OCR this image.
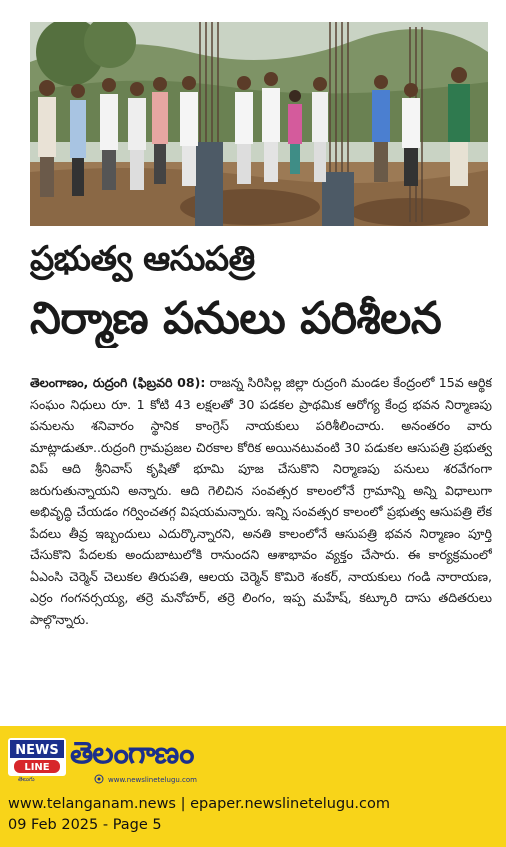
ప్రభుత్వ ఆసుపత్రి
నిర్మాణ పనులు పరిశీలన

తెలంగాణం, రుద్రంగి (ఫిబ్రవరి 08): రాజన్న సిరిసిల్ల జిల్లా రుద్రంగి మండల కేంద్రంలో 15వ ఆర్థిక సంఘం నిధులు రూ. 1 కోటి 43 లక్షలతో 30 పడకల ప్రాథమిక ఆరోగ్య కేంద్ర భవన నిర్మాణపు పనులను శనివారం స్థానిక కాంగ్రెస్ నాయకులు పరిశీలించారు. అనంతరం వారు మాట్లాడుతూ..రుద్రంగి గ్రామప్రజల చిరకాల కోరిక అయినటువంటి 30 పడుకల ఆసుపత్రి ప్రభుత్వ విప్ ఆది శ్రీనివాస్ కృషితో భూమి పూజ చేసుకొని నిర్మాణపు పనులు శరవేగంగా జరుగుతున్నాయని అన్నారు. ఆది గెలిచిన సంవత్సర కాలంలోనే గ్రామాన్ని అన్ని విధాలుగా అభివృద్ధి చేయడం గర్వించతగ్గ విషయమన్నారు. ఇన్ని సంవత్సర కాలంలో ప్రభుత్వ ఆసుపత్రి లేక పేదలు తీవ్ర ఇబ్బందులు ఎదుర్కొన్నారని, అనతి కాలంలోనే ఆసుపత్రి భవన నిర్మాణం పూర్తి చేసుకొని పేదలకు అందుబాటులోకి రానుందని ఆశాభావం వ్యక్తం చేసారు. ఈ కార్యక్రమంలో ఏఎంసి చెర్మెన్ చెలుకల తిరుపతి, ఆలయ చెర్మెన్ కొమిరె శంకర్, నాయకులు గండి నారాయణ, ఎర్రం గంగనర్సయ్య, తర్రె మనోహర్, తర్రె లింగం, ఇప్ప మహేష్, కట్కూరి దాసు తదితరులు పాల్గొన్నారు.

NEWS
LINE
తెలుగు
తెలంగాణం
www.newslinetelugu.com
www.telanganam.news | epaper.newslinetelugu.com
09 Feb 2025 - Page 5
